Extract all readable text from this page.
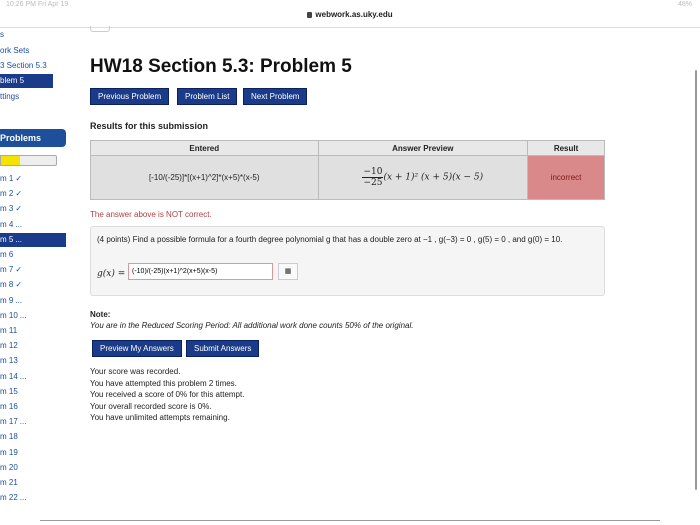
10:26 PM Fri Apr 19	48%
webwork.as.uky.edu
s
ork Sets
3 Section 5.3
blem 5
ttings
Problems
m 1 ✓
m 2 ✓
m 3 ✓
m 4 ...
m 5 ...
m 6
m 7 ✓
m 8 ✓
m 9 ...
m 10 ...
m 11
m 12
m 13
m 14 ...
m 15
m 16
m 17 ...
m 18
m 19
m 20
m 21
m 22 ...
HW18 Section 5.3: Problem 5
Previous Problem	Problem List	Next Problem
Results for this submission
Entered	Answer Preview	Result
[-10/(-25)]*[(x+1)^2]*(x+5)*(x-5)	$\frac{-10}{-25} (x + 1)^2$ (x + 5)(x − 5)	incorrect
The answer above is NOT correct.
(4 points) Find a possible formula for a fourth degree polynomial g that has a double zero at −1 , g(−3) = 0 , g(5) = 0 , and g(0) = 10.
g(x) =
(-10)/(-25)(x+1)^2(x+5)(x-5)	▦
Note:
You are in the Reduced Scoring Period: All additional work done counts 50% of the original.
Preview My Answers	Submit Answers
Your score was recorded.
You have attempted this problem 2 times.
You received a score of 0% for this attempt.
Your overall recorded score is 0%.
You have unlimited attempts remaining.
